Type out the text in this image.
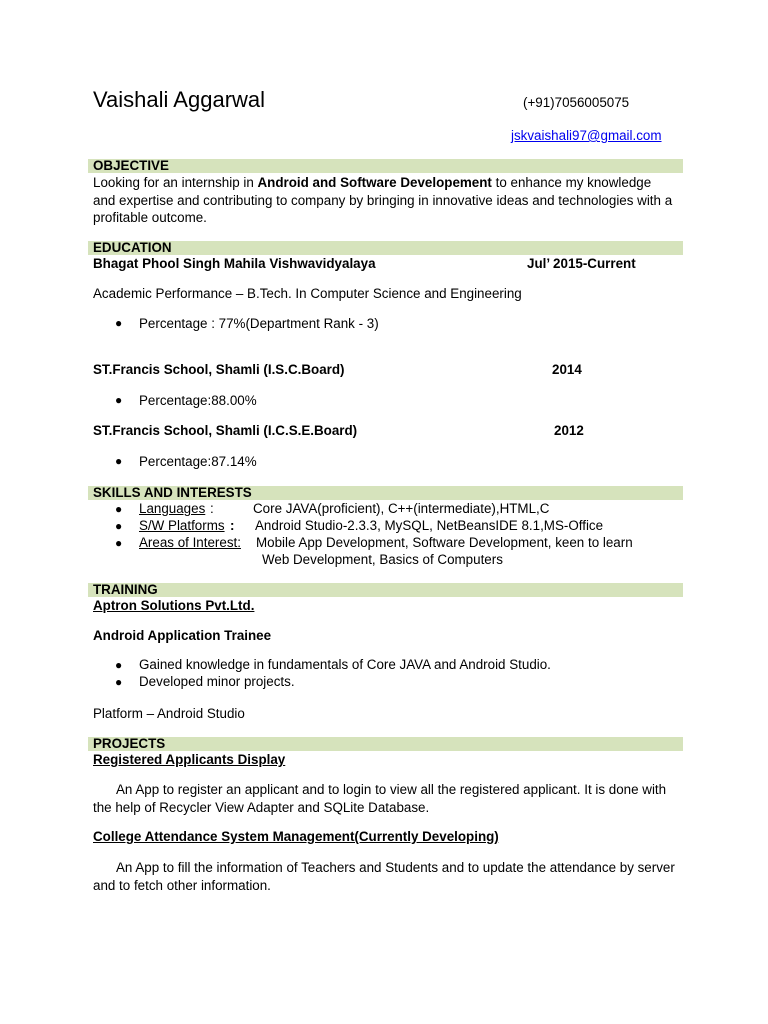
Vaishali Aggarwal	(+91)7056005075
jskvaishali97@gmail.com
OBJECTIVE
Looking for an internship in Android and Software Developement to enhance my knowledge and expertise and contributing to company by bringing in innovative ideas and technologies with a profitable outcome.
EDUCATION
Bhagat Phool Singh Mahila Vishwavidyalaya	Jul’ 2015-Current
Academic Performance – B.Tech. In Computer Science and Engineering
● Percentage : 77%(Department Rank - 3)
ST.Francis School, Shamli (I.S.C.Board)	2014
● Percentage:88.00%
ST.Francis School, Shamli (I.C.S.E.Board)	2012
● Percentage:87.14%
SKILLS AND INTERESTS
● Languages :	Core JAVA(proficient), C++(intermediate),HTML,C
● S/W Platforms : Android Studio-2.3.3, MySQL, NetBeansIDE 8.1,MS-Office
● Areas of Interest: Mobile App Development, Software Development, keen to learn
Web Development, Basics of Computers
TRAINING
Aptron Solutions Pvt.Ltd.
Android Application Trainee
● Gained knowledge in fundamentals of Core JAVA and Android Studio.
● Developed minor projects.
Platform – Android Studio
PROJECTS
Registered Applicants Display
An App to register an applicant and to login to view all the registered applicant. It is done with the help of Recycler View Adapter and SQLite Database.
College Attendance System Management(Currently Developing)
An App to fill the information of Teachers and Students and to update the attendance by server and to fetch other information.
